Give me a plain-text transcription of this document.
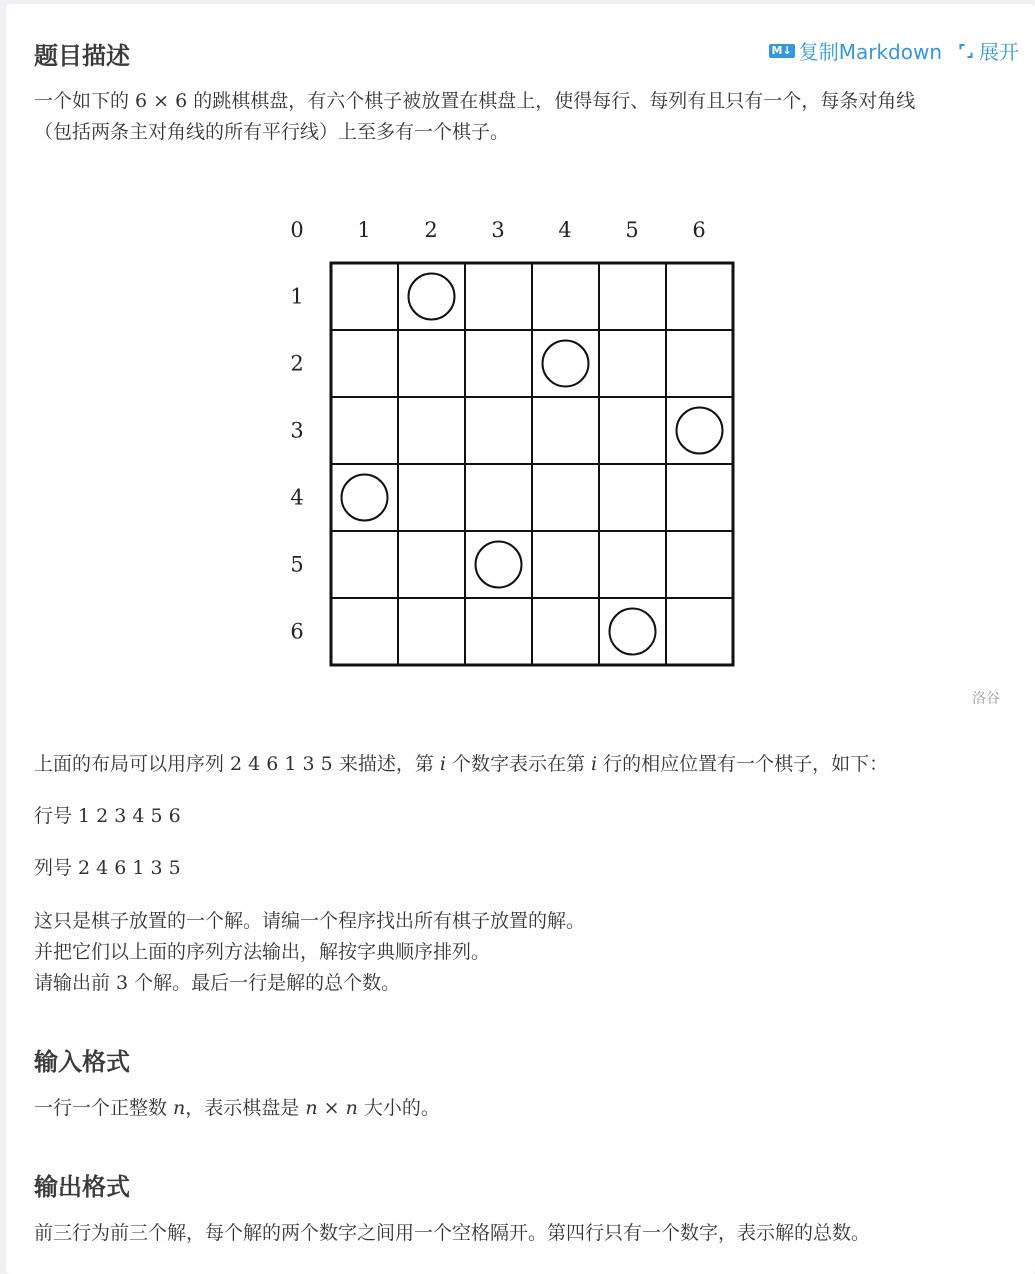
题目描述	M↓ 复制Markdown ⌜⌟ 展开

一个如下的 6 × 6 的跳棋棋盘，有六个棋子被放置在棋盘上，使得每行、每列有且只有一个，每条对角线
（包括两条主对角线的所有平行线）上至多有一个棋子。

0	1	2	3	4	5	6
1
2
3
4
5
6
洛谷

上面的布局可以用序列 2 4 6 1 3 5 来描述，第 i 个数字表示在第 i 行的相应位置有一个棋子，如下：

行号 1 2 3 4 5 6

列号 2 4 6 1 3 5

这只是棋子放置的一个解。请编一个程序找出所有棋子放置的解。
并把它们以上面的序列方法输出，解按字典顺序排列。
请输出前 3 个解。最后一行是解的总个数。

输入格式

一行一个正整数 n，表示棋盘是 n × n 大小的。

输出格式

前三行为前三个解，每个解的两个数字之间用一个空格隔开。第四行只有一个数字，表示解的总数。
